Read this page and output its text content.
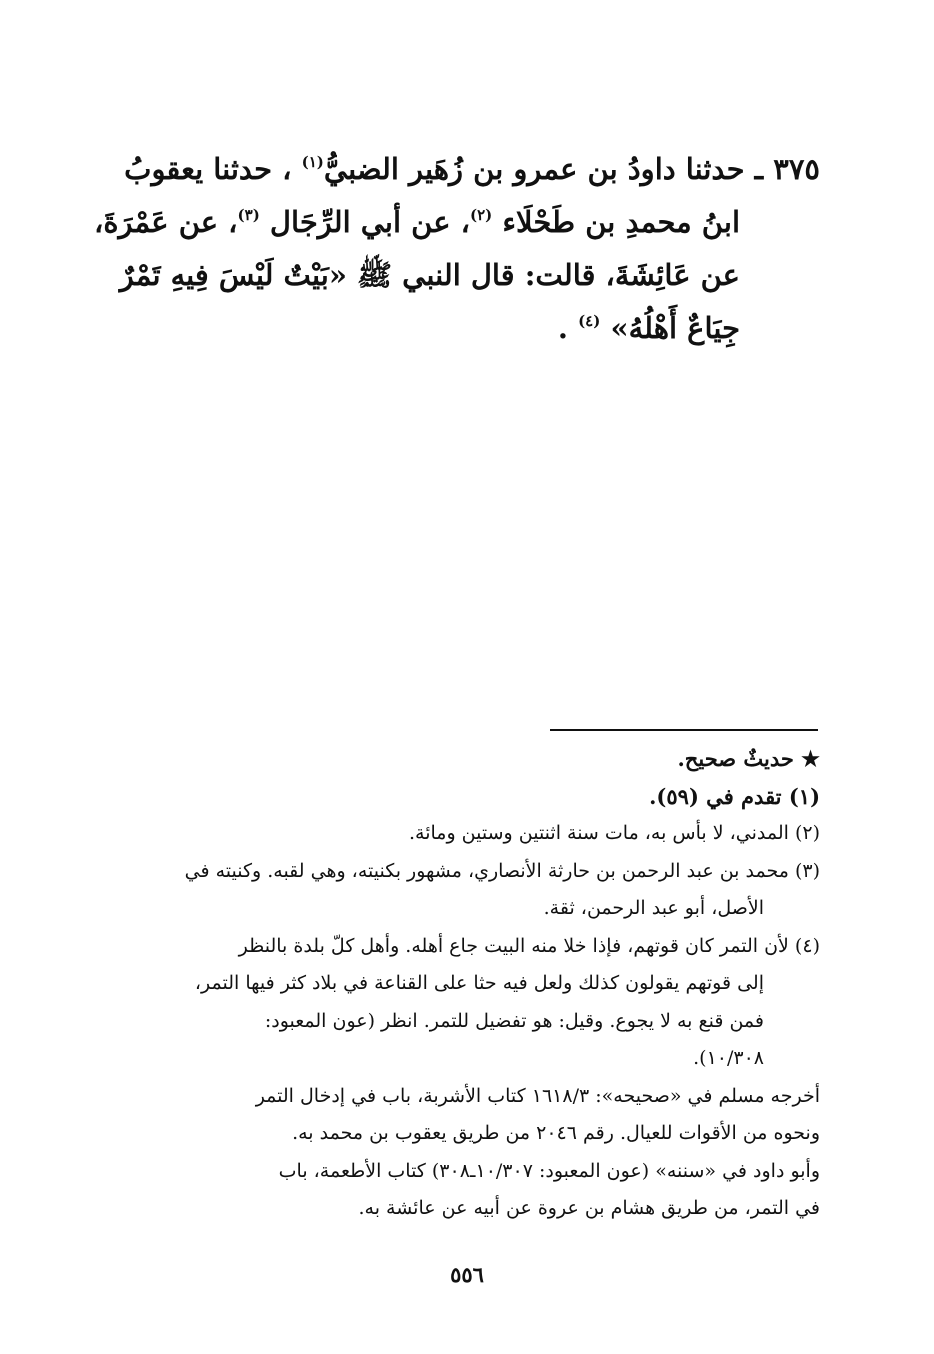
٣٧٥ ـ حدثنا داودُ بن عمرو بن زُهَير الضبيُّ$^{(١)}$ ، حدثنا يعقوبُ
ابنُ محمدِ بن طَحْلَاء $^{(٢)}$، عن أبي الرِّجَال $^{(٣)}$، عن عَمْرَةَ،
عن عَائِشَةَ، قالت: قال النبي ﷺ «بَيْتٌ لَيْسَ فِيهِ تَمْرٌ
جِيَاعٌ أَهْلُهُ» $^{(٤)}$ .
★ حديثٌ صحيح.
(١) تقدم في (٥٩).
(٢) المدني، لا بأس به، مات سنة اثنتين وستين ومائة.
(٣) محمد بن عبد الرحمن بن حارثة الأنصاري، مشهور بكنيته، وهي لقبه. وكنيته في
الأصل، أبو عبد الرحمن، ثقة.
(٤) لأن التمر كان قوتهم، فإذا خلا منه البيت جاع أهله. وأهل كلّ بلدة بالنظر
إلى قوتهم يقولون كذلك ولعل فيه حثا على القناعة في بلاد كثر فيها التمر،
فمن قنع به لا يجوع. وقيل: هو تفضيل للتمر. انظر (عون المعبود:
١٠/٣٠٨).
أخرجه مسلم في «صحيحه»: ١٦١٨/٣ كتاب الأشربة، باب في إدخال التمر
ونحوه من الأقوات للعيال. رقم ٢٠٤٦ من طريق يعقوب بن محمد به.
وأبو داود في «سننه» (عون المعبود: ١٠/٣٠٧ـ٣٠٨) كتاب الأطعمة، باب
في التمر، من طريق هشام بن عروة عن أبيه عن عائشة به.
٥٥٦
